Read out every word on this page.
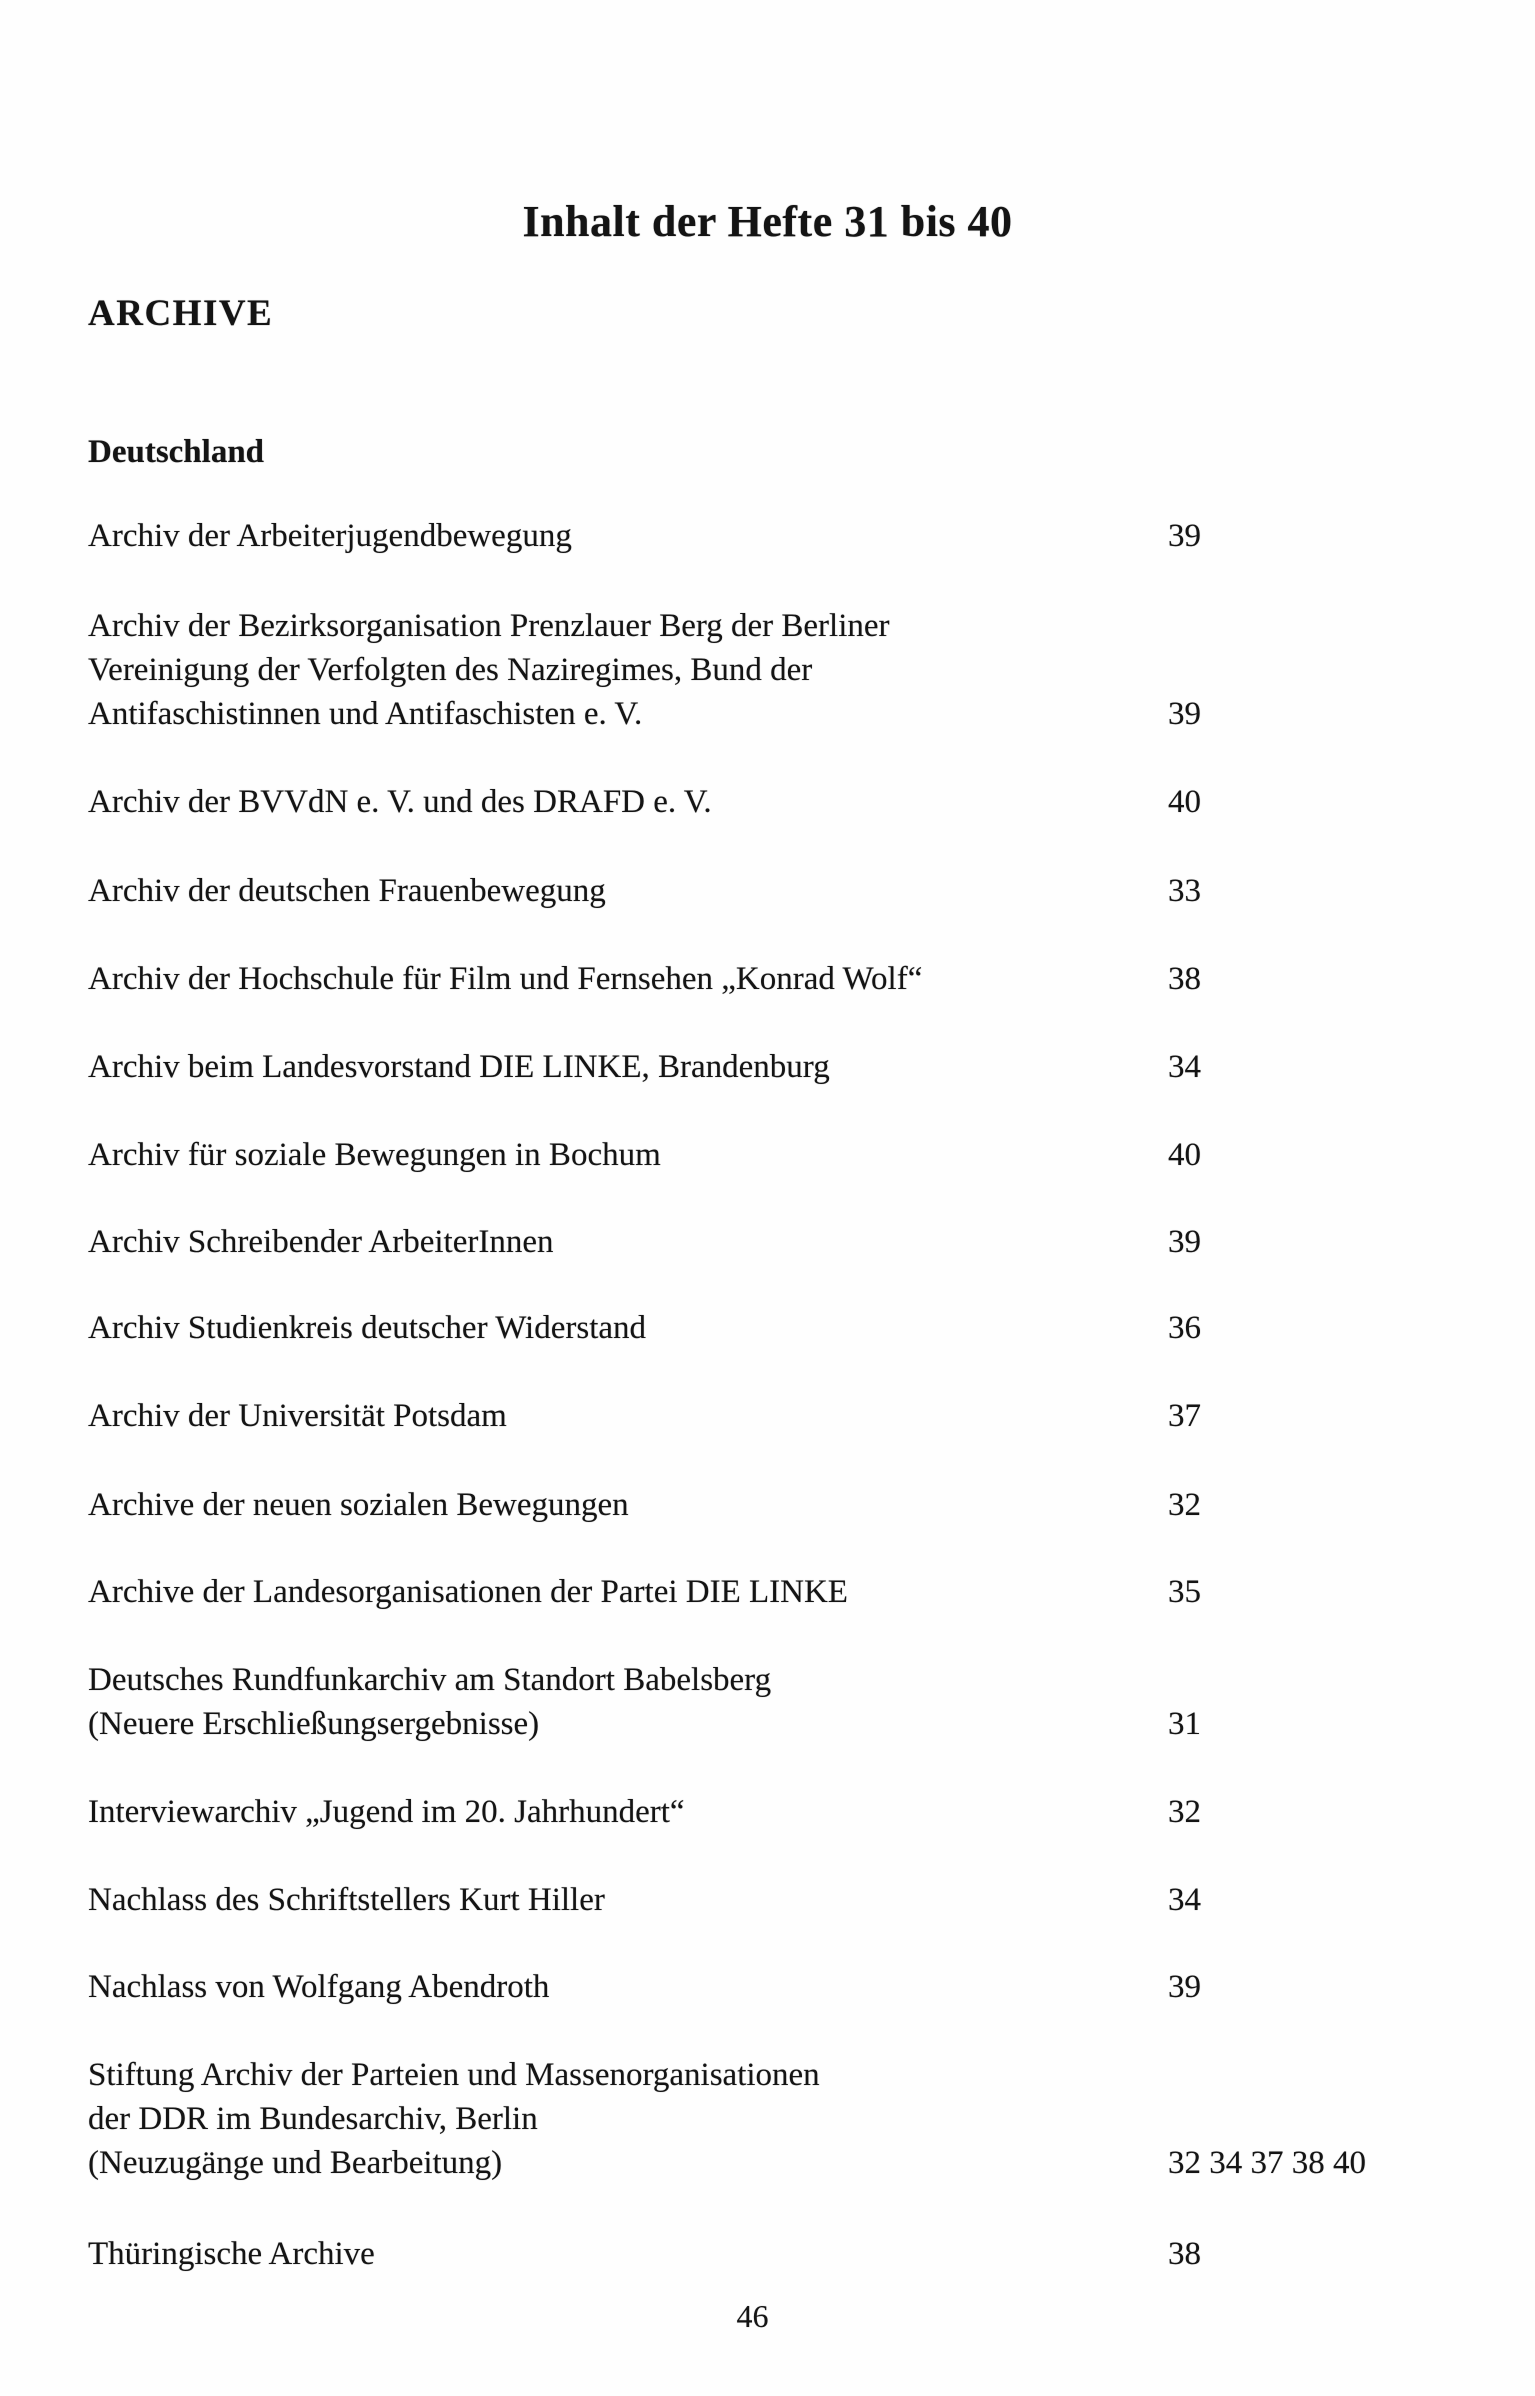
Inhalt der Hefte 31 bis 40
ARCHIVE
Deutschland
Archiv der Arbeiterjugendbewegung	39
Archiv der Bezirksorganisation Prenzlauer Berg der Berliner
Vereinigung der Verfolgten des Naziregimes, Bund der
Antifaschistinnen und Antifaschisten e. V.	39
Archiv der BVVdN e. V. und des DRAFD e. V.	40
Archiv der deutschen Frauenbewegung	33
Archiv der Hochschule für Film und Fernsehen „Konrad Wolf“	38
Archiv beim Landesvorstand DIE LINKE, Brandenburg	34
Archiv für soziale Bewegungen in Bochum	40
Archiv Schreibender ArbeiterInnen	39
Archiv Studienkreis deutscher Widerstand	36
Archiv der Universität Potsdam	37
Archive der neuen sozialen Bewegungen	32
Archive der Landesorganisationen der Partei DIE LINKE	35
Deutsches Rundfunkarchiv am Standort Babelsberg
(Neuere Erschließungsergebnisse)	31
Interviewarchiv „Jugend im 20. Jahrhundert“	32
Nachlass des Schriftstellers Kurt Hiller	34
Nachlass von Wolfgang Abendroth	39
Stiftung Archiv der Parteien und Massenorganisationen
der DDR im Bundesarchiv, Berlin
(Neuzugänge und Bearbeitung)	32 34 37 38 40
Thüringische Archive	38
46
